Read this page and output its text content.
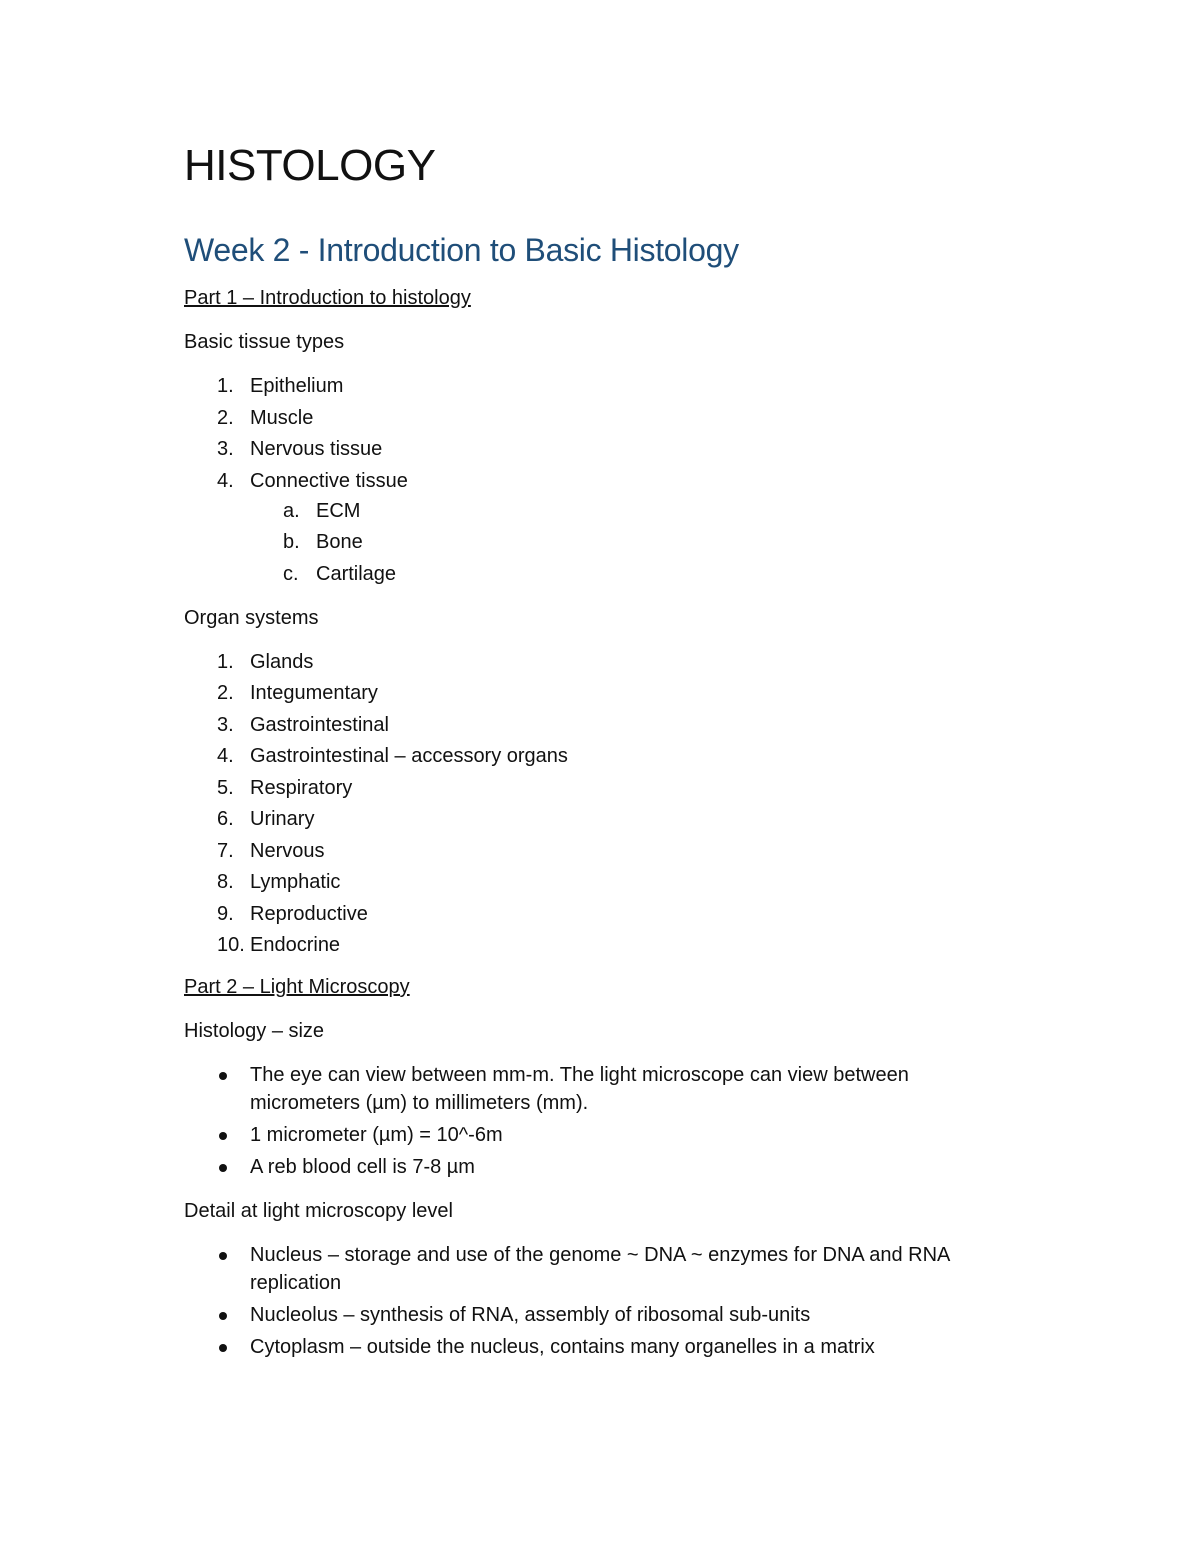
HISTOLOGY
Week 2 - Introduction to Basic Histology

Part 1 – Introduction to histology

Basic tissue types

1. Epithelium
2. Muscle
3. Nervous tissue
4. Connective tissue
a. ECM
b. Bone
c. Cartilage

Organ systems

1. Glands
2. Integumentary
3. Gastrointestinal
4. Gastrointestinal – accessory organs
5. Respiratory
6. Urinary
7. Nervous
8. Lymphatic
9. Reproductive
10. Endocrine

Part 2 – Light Microscopy

Histology – size

The eye can view between mm-m. The light microscope can view between micrometers (µm) to millimeters (mm).
1 micrometer (µm) = 10^-6m
A reb blood cell is 7-8 µm

Detail at light microscopy level

Nucleus – storage and use of the genome ~ DNA ~ enzymes for DNA and RNA replication
Nucleolus – synthesis of RNA, assembly of ribosomal sub-units
Cytoplasm – outside the nucleus, contains many organelles in a matrix
